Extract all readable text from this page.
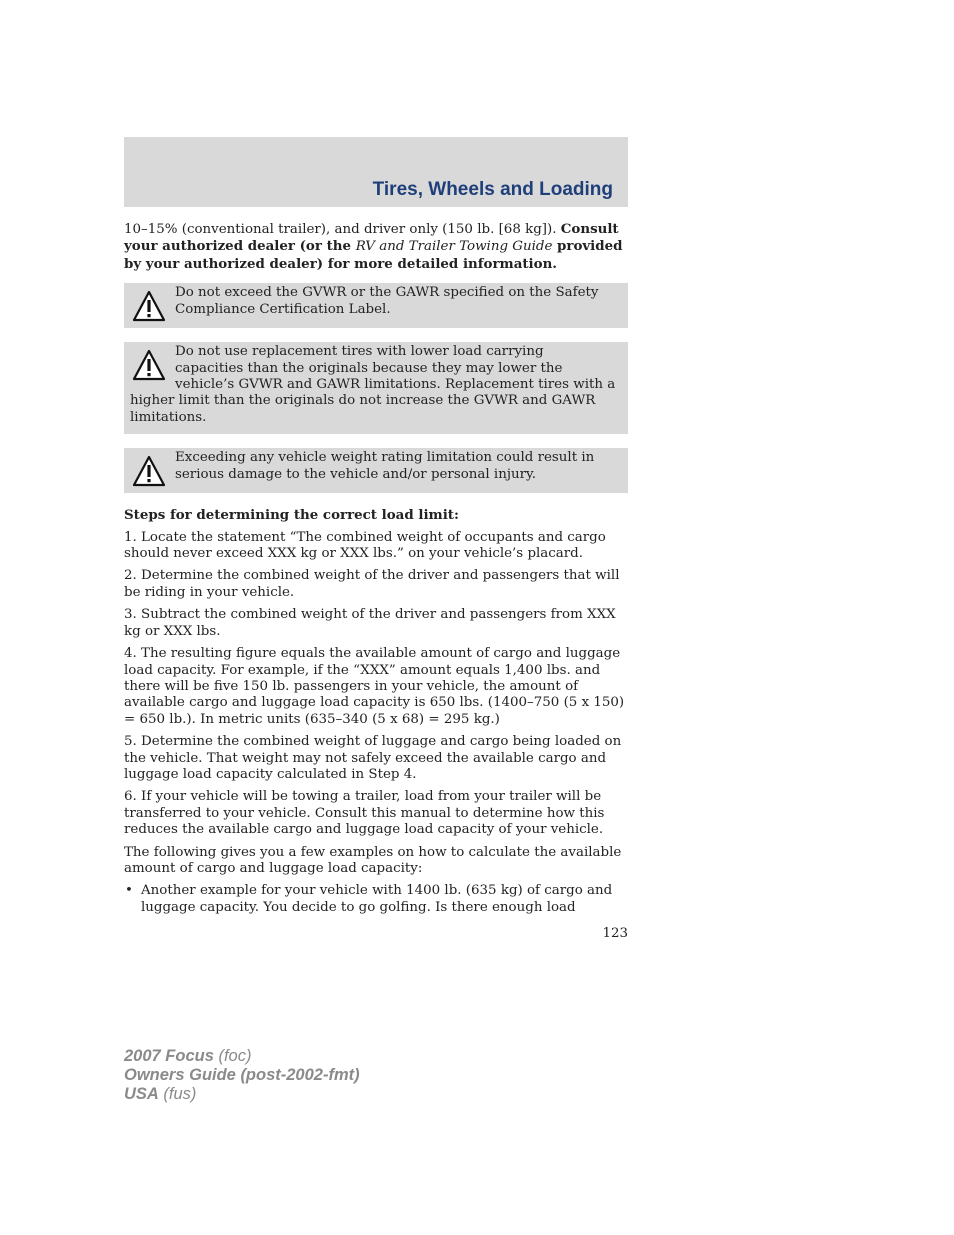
Tires, Wheels and Loading

10–15% (conventional trailer), and driver only (150 lb. [68 kg]). Consult your authorized dealer (or the RV and Trailer Towing Guide provided by your authorized dealer) for more detailed information.

Do not exceed the GVWR or the GAWR specified on the Safety Compliance Certification Label.

Do not use replacement tires with lower load carrying capacities than the originals because they may lower the vehicle’s GVWR and GAWR limitations. Replacement tires with a higher limit than the originals do not increase the GVWR and GAWR limitations.

Exceeding any vehicle weight rating limitation could result in serious damage to the vehicle and/or personal injury.

Steps for determining the correct load limit:

1. Locate the statement “The combined weight of occupants and cargo should never exceed XXX kg or XXX lbs.” on your vehicle’s placard.

2. Determine the combined weight of the driver and passengers that will be riding in your vehicle.

3. Subtract the combined weight of the driver and passengers from XXX kg or XXX lbs.

4. The resulting figure equals the available amount of cargo and luggage load capacity. For example, if the “XXX” amount equals 1,400 lbs. and there will be five 150 lb. passengers in your vehicle, the amount of available cargo and luggage load capacity is 650 lbs. (1400–750 (5 x 150) = 650 lb.). In metric units (635–340 (5 x 68) = 295 kg.)

5. Determine the combined weight of luggage and cargo being loaded on the vehicle. That weight may not safely exceed the available cargo and luggage load capacity calculated in Step 4.

6. If your vehicle will be towing a trailer, load from your trailer will be transferred to your vehicle. Consult this manual to determine how this reduces the available cargo and luggage load capacity of your vehicle.

The following gives you a few examples on how to calculate the available amount of cargo and luggage load capacity:

• Another example for your vehicle with 1400 lb. (635 kg) of cargo and luggage capacity. You decide to go golfing. Is there enough load

123
2007 Focus (foc)
Owners Guide (post-2002-fmt)
USA (fus)
